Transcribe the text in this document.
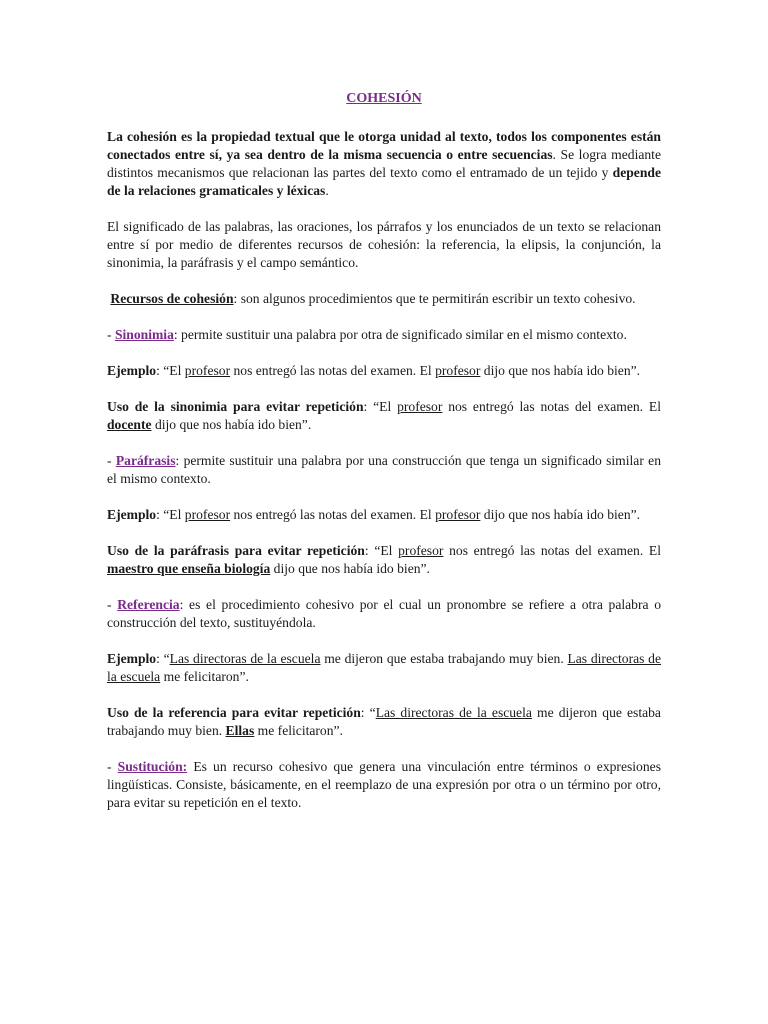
COHESIÓN

La cohesión es la propiedad textual que le otorga unidad al texto, todos los componentes están conectados entre sí, ya sea dentro de la misma secuencia o entre secuencias. Se logra mediante distintos mecanismos que relacionan las partes del texto como el entramado de un tejido y depende de la relaciones gramaticales y léxicas.

El significado de las palabras, las oraciones, los párrafos y los enunciados de un texto se relacionan entre sí por medio de diferentes recursos de cohesión: la referencia, la elipsis, la conjunción, la sinonimia, la paráfrasis y el campo semántico.

Recursos de cohesión: son algunos procedimientos que te permitirán escribir un texto cohesivo.

- Sinonimia: permite sustituir una palabra por otra de significado similar en el mismo contexto.

Ejemplo: “El profesor nos entregó las notas del examen. El profesor dijo que nos había ido bien”.

Uso de la sinonimia para evitar repetición: “El profesor nos entregó las notas del examen. El docente dijo que nos había ido bien”.

- Paráfrasis: permite sustituir una palabra por una construcción que tenga un significado similar en el mismo contexto.

Ejemplo: “El profesor nos entregó las notas del examen. El profesor dijo que nos había ido bien”.

Uso de la paráfrasis para evitar repetición: “El profesor nos entregó las notas del examen. El maestro que enseña biología dijo que nos había ido bien”.

- Referencia: es el procedimiento cohesivo por el cual un pronombre se refiere a otra palabra o construcción del texto, sustituyéndola.

Ejemplo: “Las directoras de la escuela me dijeron que estaba trabajando muy bien. Las directoras de la escuela me felicitaron”.

Uso de la referencia para evitar repetición: “Las directoras de la escuela me dijeron que estaba trabajando muy bien. Ellas me felicitaron”.

- Sustitución: Es un recurso cohesivo que genera una vinculación entre términos o expresiones lingüísticas. Consiste, básicamente, en el reemplazo de una expresión por otra o un término por otro, para evitar su repetición en el texto.
